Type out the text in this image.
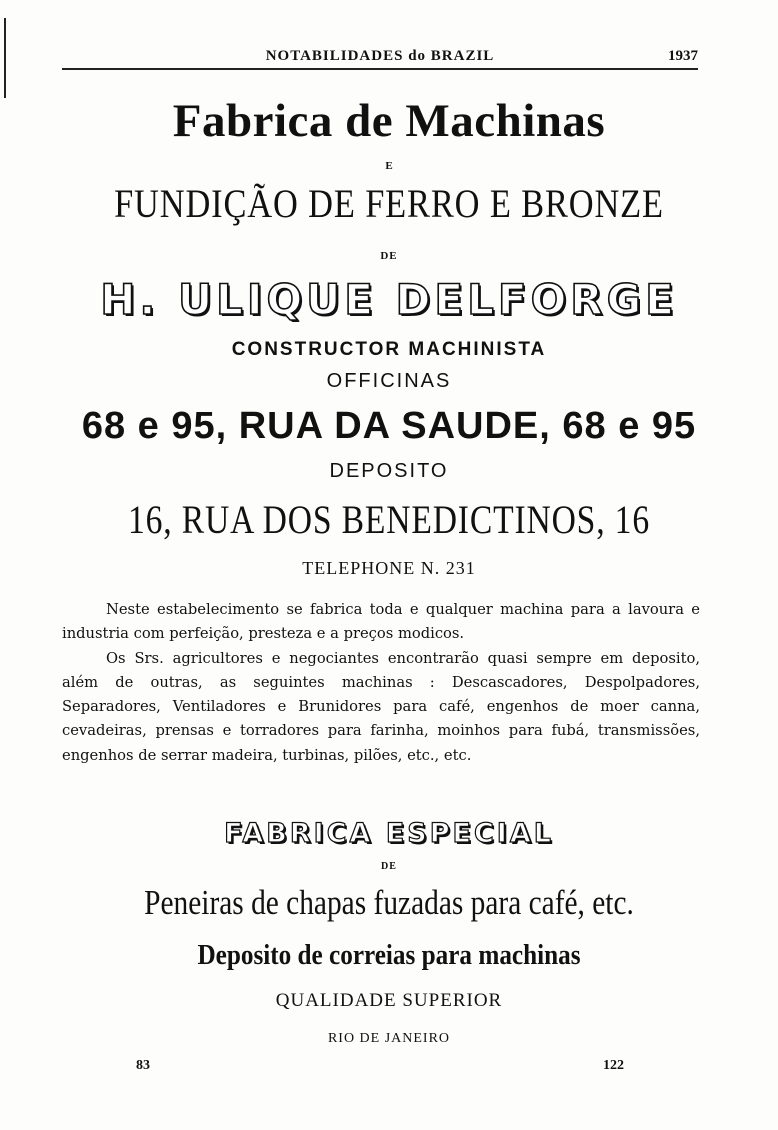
NOTABILIDADES do BRAZIL	1937
Fabrica de Machinas
E
FUNDIÇÃO DE FERRO E BRONZE
DE
H. ULIQUE DELFORGE
CONSTRUCTOR MACHINISTA
OFFICINAS
68 e 95, RUA DA SAUDE, 68 e 95
DEPOSITO
16, RUA DOS BENEDICTINOS, 16
TELEPHONE N. 231

Neste estabelecimento se fabrica toda e qualquer machina para a lavoura e industria com perfeição, presteza e a preços modicos.

Os Srs. agricultores e negociantes encontrarão quasi sempre em deposito, além de outras, as seguintes machinas : Descascadores, Despolpadores, Separadores, Ventiladores e Brunidores para café, engenhos de moer canna, cevadeiras, prensas e torradores para farinha, moinhos para fubá, transmissões, engenhos de serrar madeira, turbinas, pilões, etc., etc.

FABRICA ESPECIAL
DE
Peneiras de chapas fuzadas para café, etc.
Deposito de correias para machinas
QUALIDADE SUPERIOR
RIO DE JANEIRO
83	122
